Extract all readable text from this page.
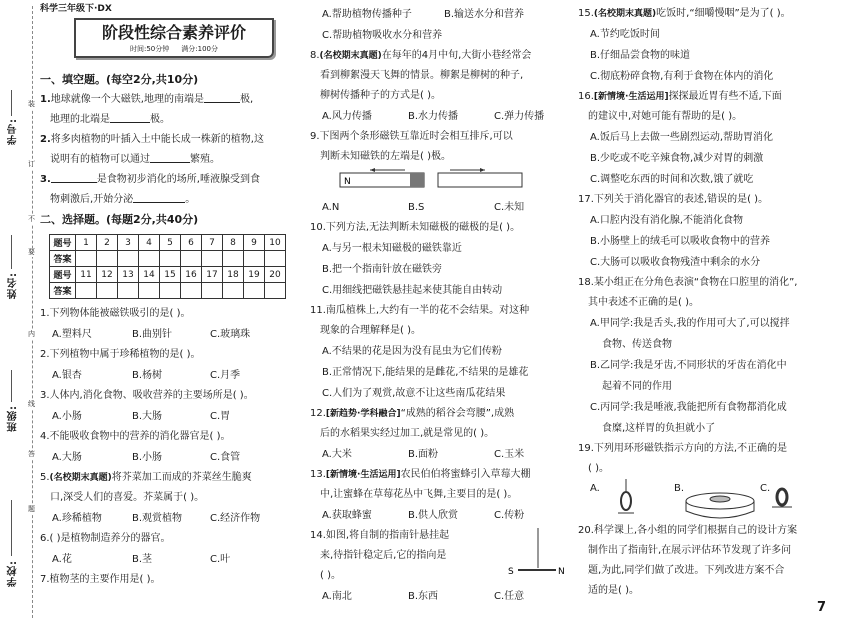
学号:
姓名:
班级:
学校:
装
订
不
要
内
线
答
题
科学三年级下·DX
阶段性综合素养评价
时间:50分钟 满分:100分
一、填空题。(每空2分,共10分)
1.地球就像一个大磁铁,地理的南端是	极,
地理的北端是	极。
2.将多肉植物的叶插入土中能长成一株新的植物,这
说明有的植物可以通过	繁殖。
3.	是食物初步消化的场所,唾液腺受到食
物刺激后,开始分泌	。
二、选择题。(每题2分,共40分)
题号	1	2	3	4	5	6	7	8	9	10
答案										
题号	11	12	13	14	15	16	17	18	19	20
答案										
1.下列物体能被磁铁吸引的是( )。
A.塑料尺	B.曲别针	C.玻璃珠
2.下列植物中属于珍稀植物的是( )。
A.银杏	B.杨树	C.月季
3.人体内,消化食物、吸收营养的主要场所是( )。
A.小肠	B.大肠	C.胃
4.不能吸收食物中的营养的消化器官是( )。
A.大肠	B.小肠	C.食管
5.(名校期末真题)将芥菜加工而成的芥菜丝生脆爽
口,深受人们的喜爱。芥菜属于( )。
A.珍稀植物	B.观赏植物	C.经济作物
6.( )是植物制造养分的器官。
A.花	B.茎	C.叶
7.植物茎的主要作用是( )。
A.帮助植物传播种子	B.输送水分和营养
C.帮助植物吸收水分和营养
8.(名校期末真题)在每年的4月中旬,大街小巷经常会
看到柳絮漫天飞舞的情景。柳絮是柳树的种子,
柳树传播种子的方式是( )。
A.风力传播	B.水力传播	C.弹力传播
9.下图两个条形磁铁互靠近时会相互排斥,可以
判断未知磁铁的左端是( )极。
N
A.N	B.S	C.未知
10.下列方法,无法判断未知磁极的磁极的是( )。
A.与另一根未知磁极的磁铁靠近
B.把一个指南针放在磁铁旁
C.用细线把磁铁悬挂起来使其能自由转动
11.南瓜植株上,大约有一半的花不会结果。对这种
现象的合理解释是( )。
A.不结果的花是因为没有昆虫为它们传粉
B.正常情况下,能结果的是雌花,不结果的是雄花
C.人们为了观赏,故意不让这些南瓜花结果
12.[新趋势·学科融合]“成熟的稻谷会弯腰”,成熟
后的水稻果实经过加工,就是常见的( )。
A.大米	B.面粉	C.玉米
13.[新情境·生活运用]农民伯伯将蜜蜂引入草莓大棚
中,让蜜蜂在草莓花丛中飞舞,主要目的是( )。
A.获取蜂蜜	B.供人欣赏	C.传粉
14.如图,将自制的指南针悬挂起
来,待指针稳定后,它的指向是
( )。	S	N
A.南北	B.东西	C.任意
15.(名校期末真题)吃饭时,“细嚼慢咽”是为了( )。
A.节约吃饭时间
B.仔细品尝食物的味道
C.彻底粉碎食物,有利于食物在体内的消化
16.[新情境·生活运用]探探最近胃有些不适,下面
的建议中,对她可能有帮助的是( )。
A.饭后马上去做一些剧烈运动,帮助胃消化
B.少吃或不吃辛辣食物,减少对胃的刺激
C.调整吃东西的时间和次数,饿了就吃
17.下列关于消化器官的表述,错误的是( )。
A.口腔内没有消化腺,不能消化食物
B.小肠壁上的绒毛可以吸收食物中的营养
C.大肠可以吸收食物残渣中剩余的水分
18.某小组正在分角色表演“食物在口腔里的消化”,
其中表述不正确的是( )。
A.甲同学:我是舌头,我的作用可大了,可以搅拌
食物、传送食物
B.乙同学:我是牙齿,不同形状的牙齿在消化中
起着不同的作用
C.丙同学:我是唾液,我能把所有食物都消化成
食糜,这样胃的负担就小了
19.下列用环形磁铁指示方向的方法,不正确的是
( )。
A.	B.	C.
20.科学课上,各小组的同学们根据自己的设计方案
制作出了指南针,在展示评估环节发现了许多问
题,为此,同学们做了改进。下列改进方案不合
适的是( )。
7
